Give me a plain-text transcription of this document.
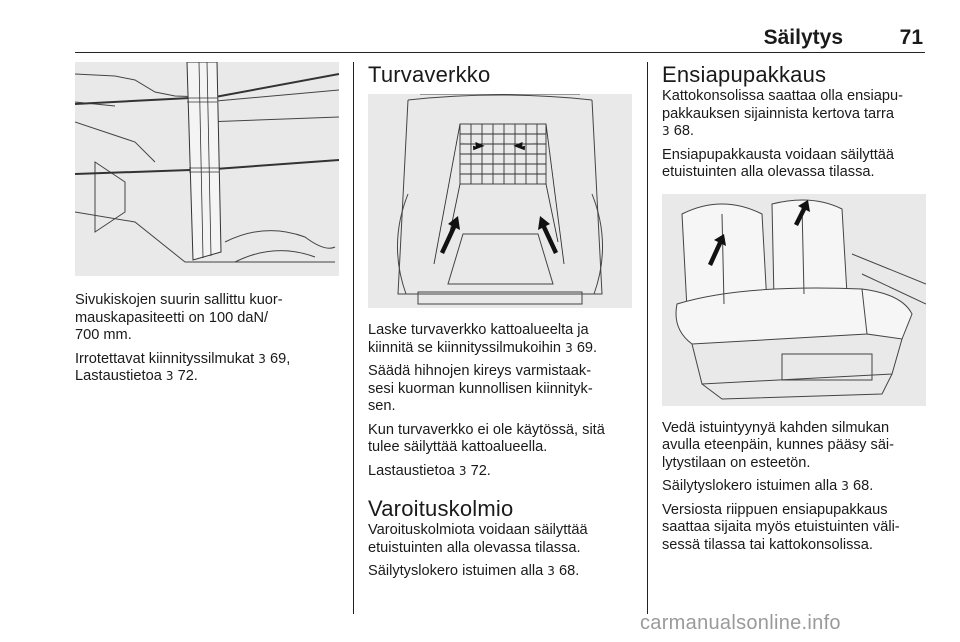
Säilytys	71

Sivukiskojen suurin sallittu kuor-
mauskapasiteetti on 100 daN/
700 mm.

Irrotettavat kiinnityssilmukat 3 69,
Lastaustietoa 3 72.

Turvaverkko

Laske turvaverkko kattoalueelta ja kiinnitä se kiinnityssilmukoihin 3 69.

Säädä hihnojen kireys varmistaak-
sesi kuorman kunnollisen kiinnityk-
sen.

Kun turvaverkko ei ole käytössä, sitä tulee säilyttää kattoalueella.

Lastaustietoa 3 72.

Varoituskolmio

Varoituskolmiota voidaan säilyttää etuistuinten alla olevassa tilassa.

Säilytyslokero istuimen alla 3 68.

Ensiapupakkaus

Kattokonsolissa saattaa olla ensiapu-
pakkauksen sijainnista kertova tarra 3 68.

Ensiapupakkausta voidaan säilyttää etuistuinten alla olevassa tilassa.

Vedä istuintyynyä kahden silmukan avulla eteenpäin, kunnes pääsy säi-
lytystilaan on esteetön.

Säilytyslokero istuimen alla 3 68.

Versiosta riippuen ensiapupakkaus saattaa sijaita myös etuistuinten väli-
sessä tilassa tai kattokonsolissa.

carmanualsonline.info
